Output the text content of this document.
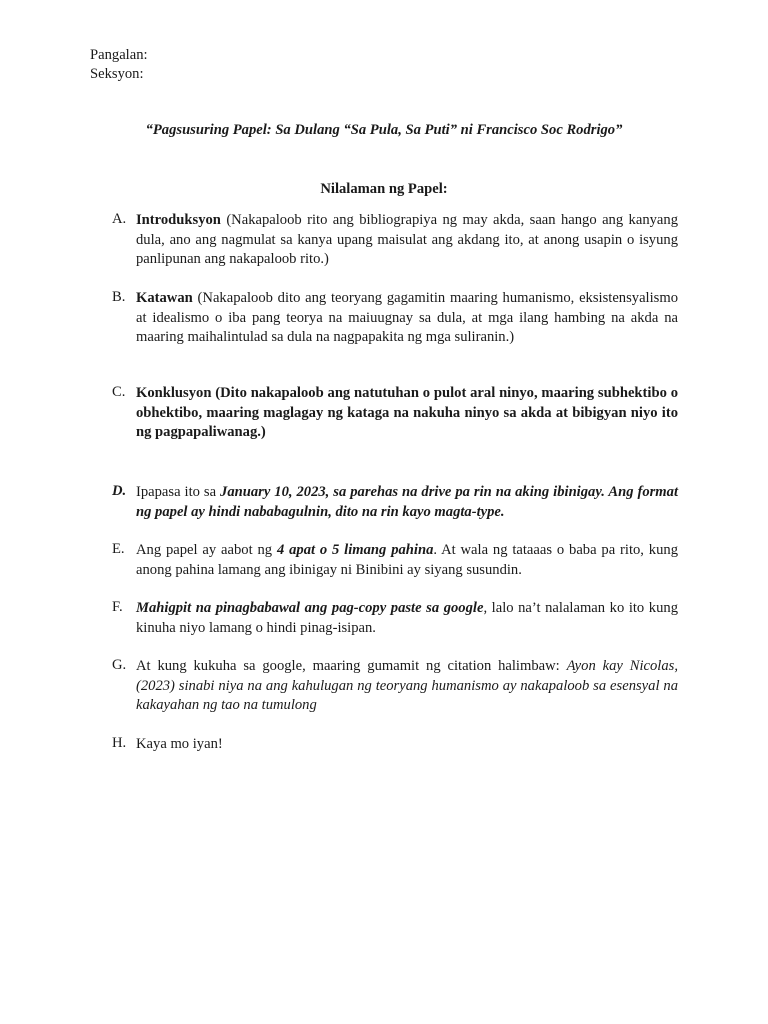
Pangalan:
Seksyon:
“Pagsusuring Papel: Sa Dulang “Sa Pula, Sa Puti” ni Francisco Soc Rodrigo”
Nilalaman ng Papel:
A. Introduksyon (Nakapaloob rito ang bibliograpiya ng may akda, saan hango ang kanyang dula, ano ang nagmulat sa kanya upang maisulat ang akdang ito, at anong usapin o isyung panlipunan ang nakapaloob rito.)
B. Katawan (Nakapaloob dito ang teoryang gagamitin maaring humanismo, eksistensyalismo at idealismo o iba pang teorya na maiuugnay sa dula, at mga ilang hambing na akda na maaring maihalintulad sa dula na nagpapakita ng mga suliranin.)
C. Konklusyon (Dito nakapaloob ang natutuhan o pulot aral ninyo, maaring subhektibo o obhektibo, maaring maglagay ng kataga na nakuha ninyo sa akda at bibigyan niyo ito ng pagpapaliwanag.)
D. Ipapasa ito sa January 10, 2023, sa parehas na drive pa rin na aking ibinigay. Ang format ng papel ay hindi nababagulnin, dito na rin kayo magta-type.
E. Ang papel ay aabot ng 4 apat o 5 limang pahina. At wala ng tataaas o baba pa rito, kung anong pahina lamang ang ibinigay ni Binibini ay siyang susundin.
F. Mahigpit na pinagbabawal ang pag-copy paste sa google, lalo na’t nalalaman ko ito kung kinuha niyo lamang o hindi pinag-isipan.
G. At kung kukuha sa google, maaring gumamit ng citation halimbaw: Ayon kay Nicolas, (2023) sinabi niya na ang kahulugan ng teoryang humanismo ay nakapaloob sa esensyal na kakayahan ng tao na tumulong
H. Kaya mo iyan!
